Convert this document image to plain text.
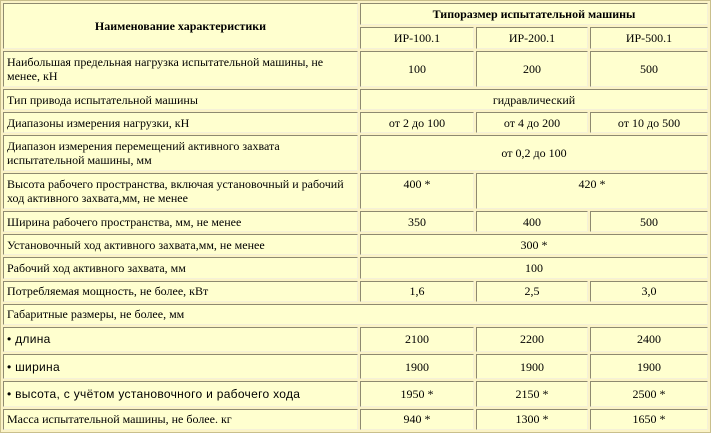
Наименование характеристики	Типоразмер испытательной машины		
	ИР-100.1	ИР-200.1	ИР-500.1
Наибольшая предельная нагрузка испытательной машины, не менее, кН	100	200	500
Тип привода испытательной машины	гидравлический		
Диапазоны измерения нагрузки, кН	от 2 до 100	от 4 до 200	от 10 до 500
Диапазон измерения перемещений активного захвата испытательной машины, мм	от 0,2 до 100		
Высота рабочего пространства, включая установочный и рабочий ход активного захвата,мм, не менее	400 *	420 *	
Ширина рабочего пространства, мм, не менее	350	400	500
Установочный ход активного захвата,мм, не менее	300 *		
Рабочий ход активного захвата, мм	100		
Потребляемая мощность, не более, кВт	1,6	2,5	3,0
Габаритные размеры, не более, мм			
• длина	2100	2200	2400
• ширина	1900	1900	1900
• высота, с учётом установочного и рабочего хода	1950 *	2150 *	2500 *
Масса испытательной машины, не более. кг	940 *	1300 *	1650 *
